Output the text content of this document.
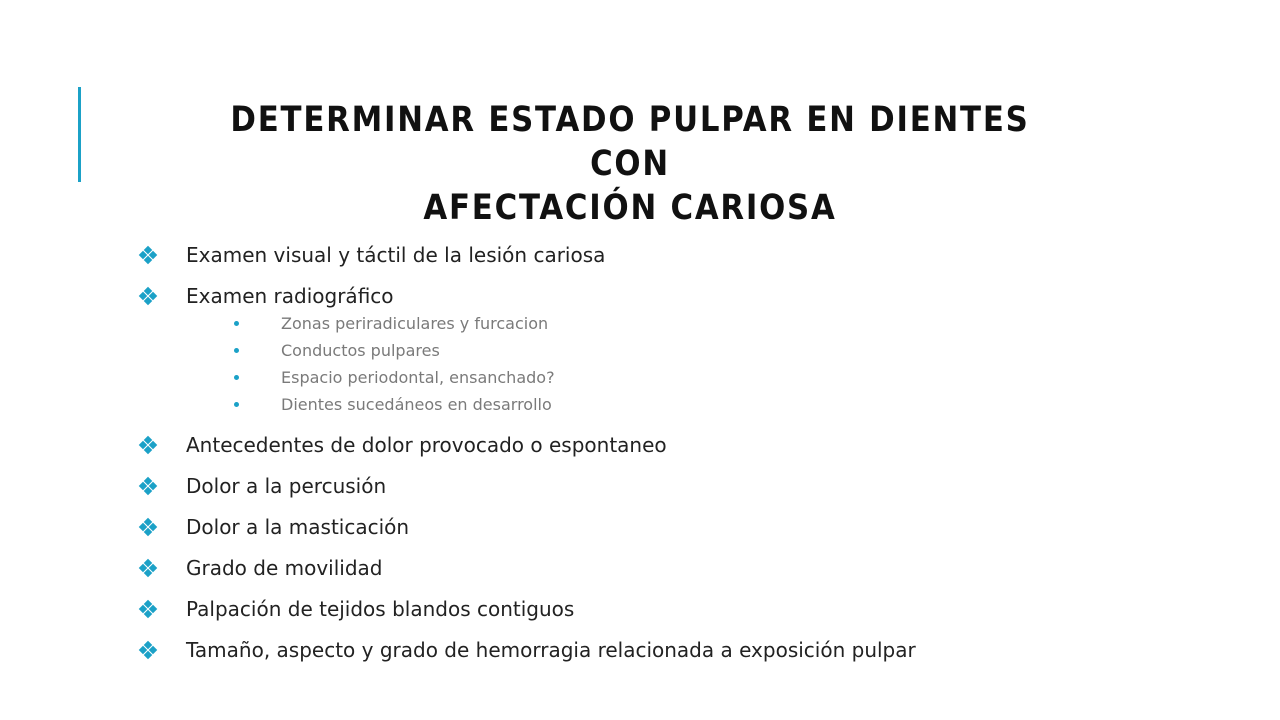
DETERMINAR ESTADO PULPAR EN DIENTES CON
AFECTACIÓN CARIOSA
Examen visual y táctil de la lesión cariosa
Examen radiográfico
Zonas periradiculares y furcacion
Conductos pulpares
Espacio periodontal, ensanchado?
Dientes sucedáneos en desarrollo
Antecedentes de dolor provocado o espontaneo
Dolor a la percusión
Dolor a la masticación
Grado de movilidad
Palpación de tejidos blandos contiguos
Tamaño, aspecto y grado de hemorragia relacionada a exposición pulpar
